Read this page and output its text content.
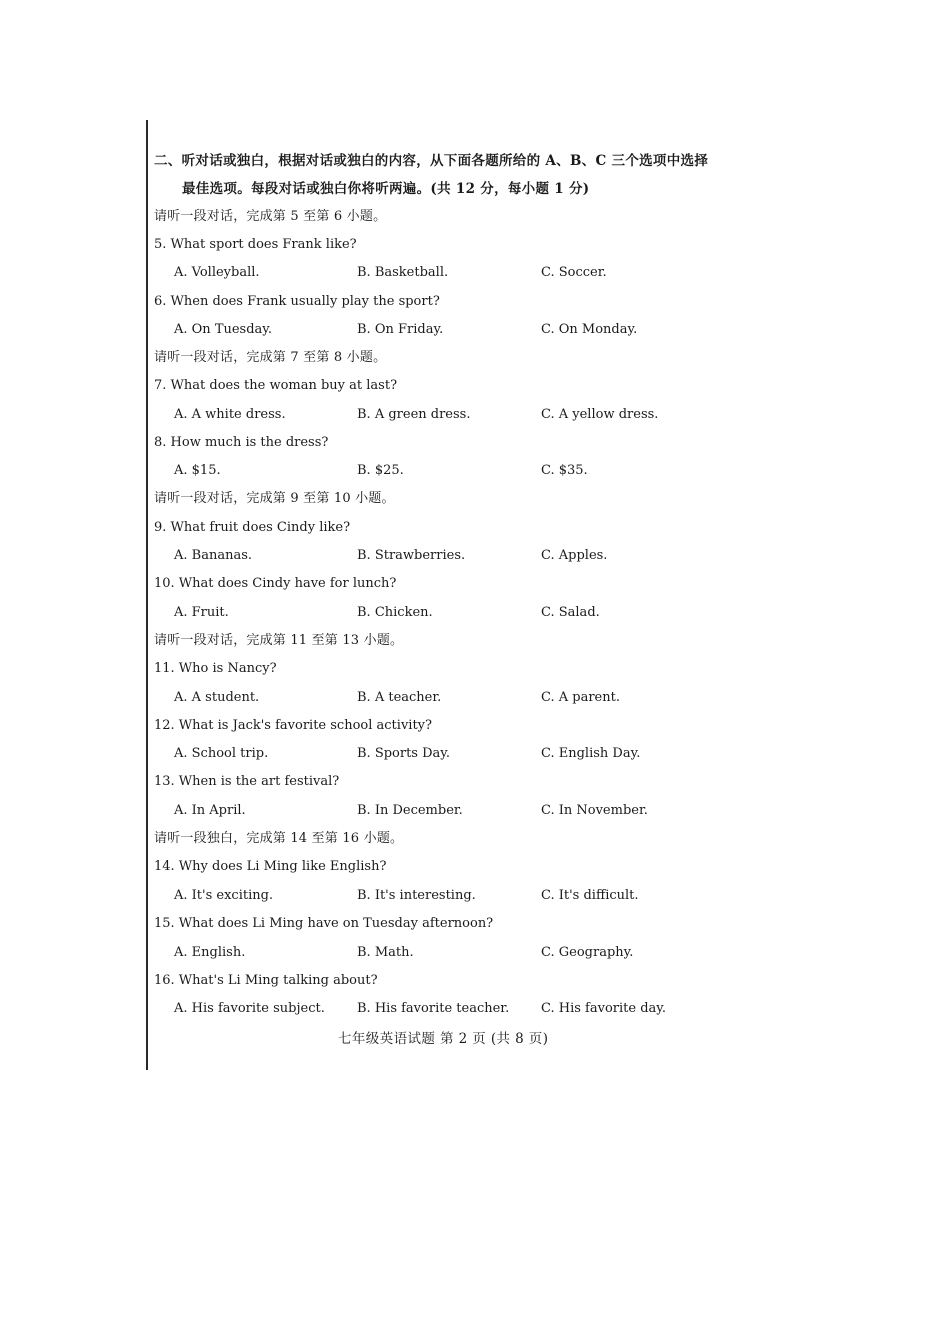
二、听对话或独白，根据对话或独白的内容，从下面各题所给的 A、B、C 三个选项中选择
最佳选项。每段对话或独白你将听两遍。(共 12 分，每小题 1 分)
请听一段对话，完成第 5 至第 6 小题。
5. What sport does Frank like?
A. Volleyball.	B. Basketball.	C. Soccer.
6. When does Frank usually play the sport?
A. On Tuesday.	B. On Friday.	C. On Monday.
请听一段对话，完成第 7 至第 8 小题。
7. What does the woman buy at last?
A. A white dress.	B. A green dress.	C. A yellow dress.
8. How much is the dress?
A. $15.	B. $25.	C. $35.
请听一段对话，完成第 9 至第 10 小题。
9. What fruit does Cindy like?
A. Bananas.	B. Strawberries.	C. Apples.
10. What does Cindy have for lunch?
A. Fruit.	B. Chicken.	C. Salad.
请听一段对话，完成第 11 至第 13 小题。
11. Who is Nancy?
A. A student.	B. A teacher.	C. A parent.
12. What is Jack's favorite school activity?
A. School trip.	B. Sports Day.	C. English Day.
13. When is the art festival?
A. In April.	B. In December.	C. In November.
请听一段独白，完成第 14 至第 16 小题。
14. Why does Li Ming like English?
A. It's exciting.	B. It's interesting.	C. It's difficult.
15. What does Li Ming have on Tuesday afternoon?
A. English.	B. Math.	C. Geography.
16. What's Li Ming talking about?
A. His favorite subject. B. His favorite teacher. C. His favorite day.
七年级英语试题 第 2 页 (共 8 页)
